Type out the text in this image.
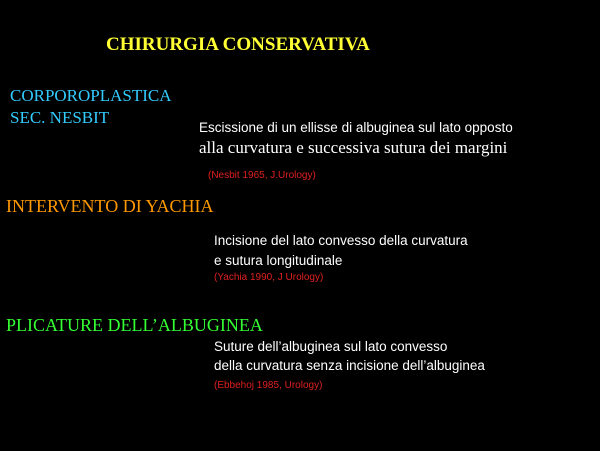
CHIRURGIA CONSERVATIVA
CORPOROPLASTICA
SEC. NESBIT
Escissione di un ellisse di albuginea sul lato opposto
alla curvatura e successiva sutura dei margini
(Nesbit 1965, J.Urology)
INTERVENTO DI YACHIA
Incisione del lato convesso della curvatura
e sutura longitudinale
(Yachia 1990, J Urology)
PLICATURE DELL’ALBUGINEA
Suture dell’albuginea sul lato convesso
della curvatura senza incisione dell’albuginea
(Ebbehoj 1985, Urology)
